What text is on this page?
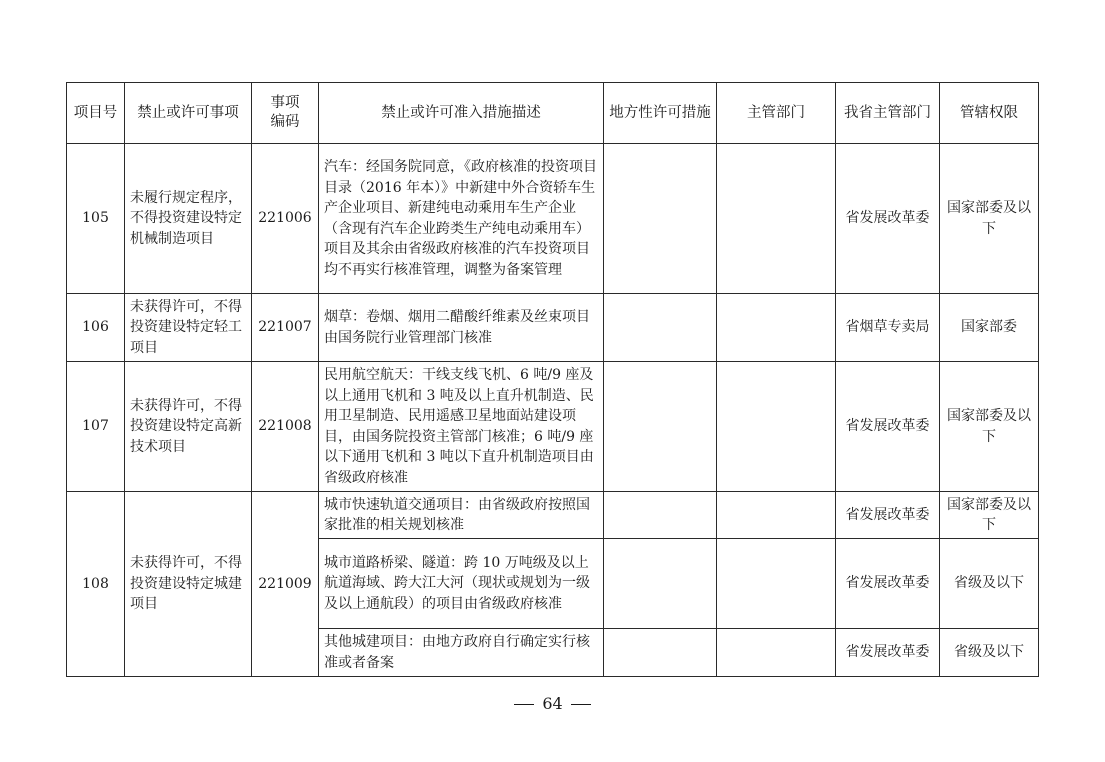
项目号	禁止或许可事项	事项编码	禁止或许可准入措施描述	地方性许可措施	主管部门	我省主管部门	管辖权限
105	未履行规定程序，不得投资建设特定机械制造项目	221006	汽车：经国务院同意，《政府核准的投资项目目录（2016 年本）》中新建中外合资轿车生产企业项目、新建纯电动乘用车生产企业（含现有汽车企业跨类生产纯电动乘用车）项目及其余由省级政府核准的汽车投资项目均不再实行核准管理，调整为备案管理			省发展改革委	国家部委及以下
106	未获得许可，不得投资建设特定轻工项目	221007	烟草：卷烟、烟用二醋酸纤维素及丝束项目由国务院行业管理部门核准			省烟草专卖局	国家部委
107	未获得许可，不得投资建设特定高新技术项目	221008	民用航空航天：干线支线飞机、6 吨/9 座及以上通用飞机和 3 吨及以上直升机制造、民用卫星制造、民用遥感卫星地面站建设项目，由国务院投资主管部门核准；6 吨/9 座以下通用飞机和 3 吨以下直升机制造项目由省级政府核准			省发展改革委	国家部委及以下
108	未获得许可，不得投资建设特定城建项目	221009	城市快速轨道交通项目：由省级政府按照国家批准的相关规划核准			省发展改革委	国家部委及以下
			城市道路桥梁、隧道：跨 10 万吨级及以上航道海域、跨大江大河（现状或规划为一级及以上通航段）的项目由省级政府核准			省发展改革委	省级及以下
			其他城建项目：由地方政府自行确定实行核准或者备案			省发展改革委	省级及以下
64
